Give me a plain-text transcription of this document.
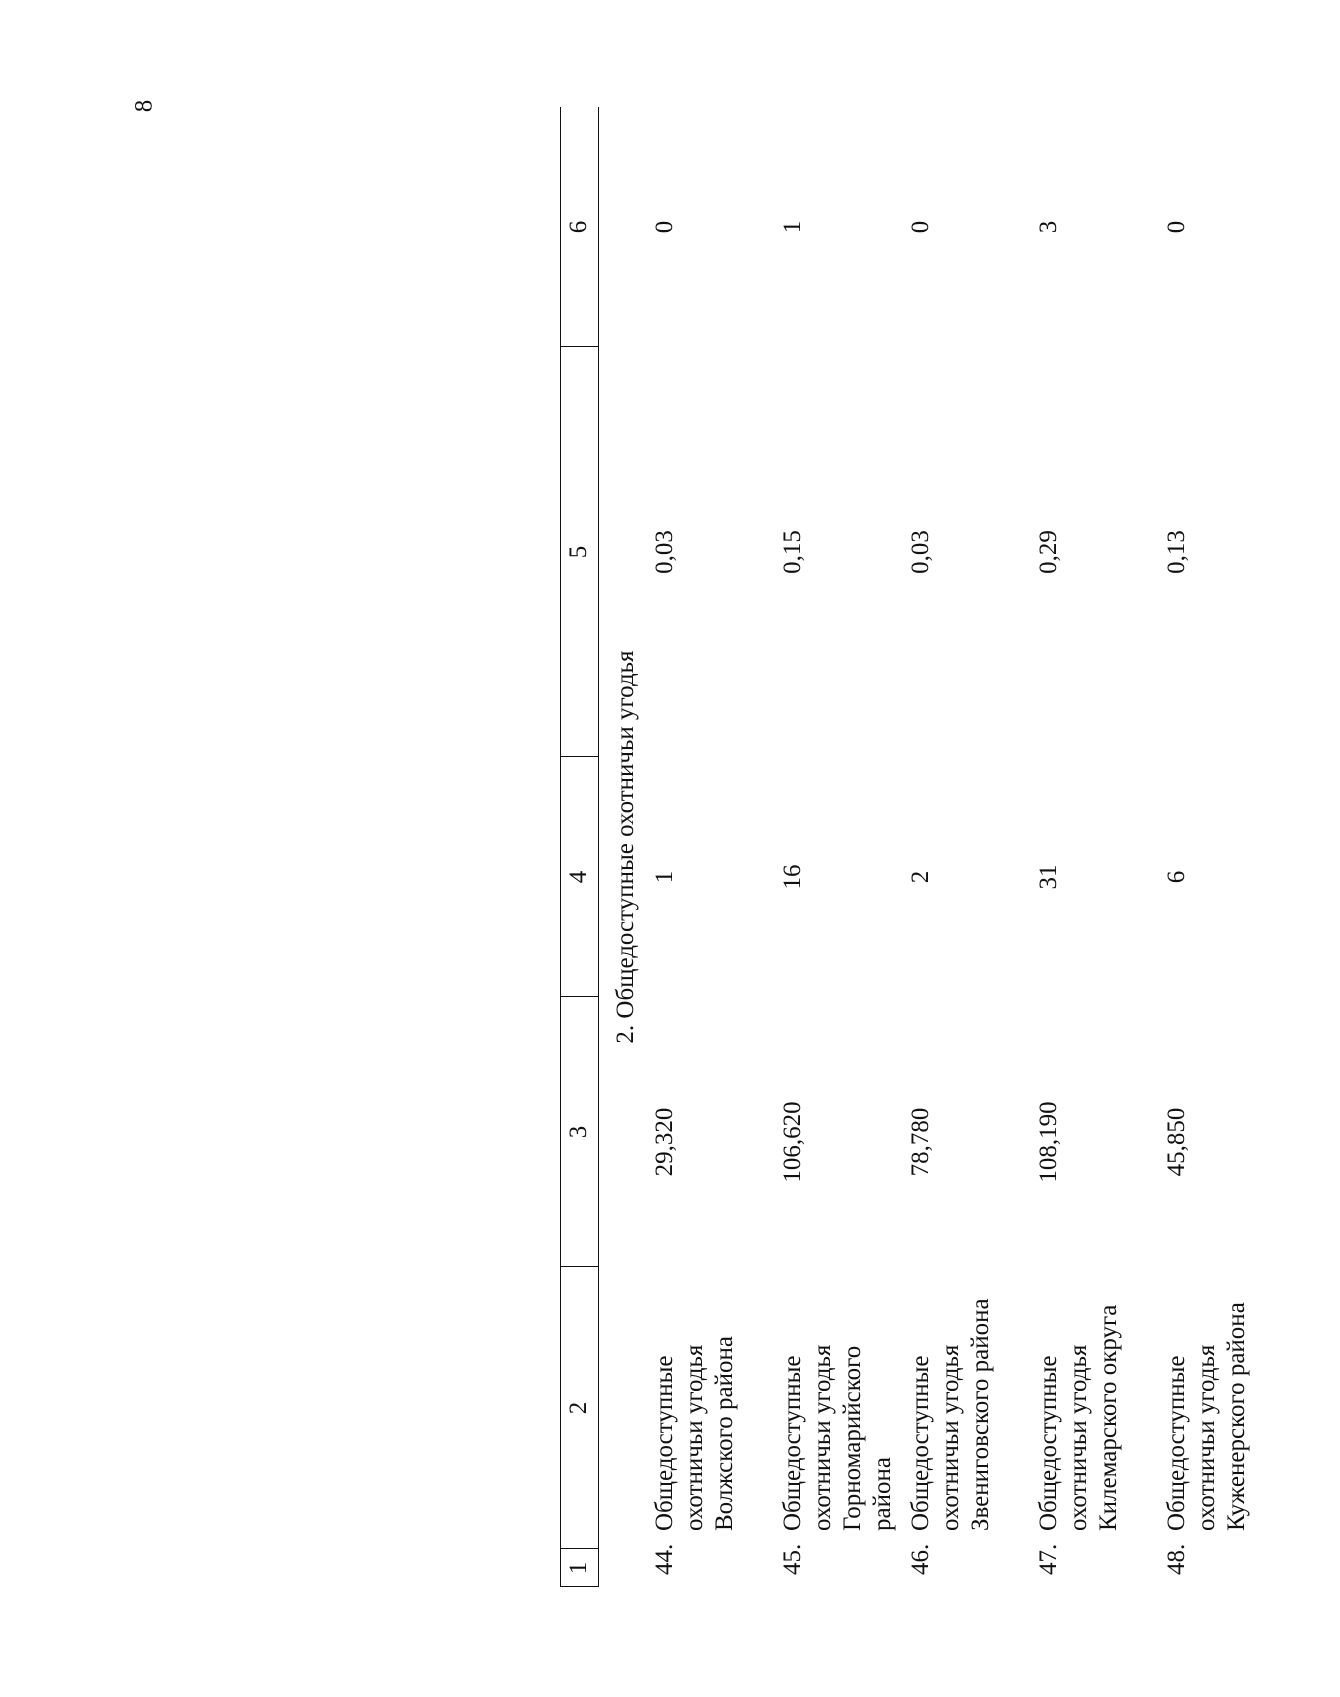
8
1
2
3
4
5
6
2. Общедоступные охотничьи угодья
44.
Общедоступные охотничьи угодья Волжского района
29,320
1
0,03
0
45.
Общедоступные охотничьи угодья Горномарийского района
106,620
16
0,15
1
46.
Общедоступные охотничьи угодья Звениговского района
78,780
2
0,03
0
47.
Общедоступные охотничьи угодья Килемарского округа
108,190
31
0,29
3
48.
Общедоступные охотничьи угодья Куженерского района
45,850
6
0,13
0
